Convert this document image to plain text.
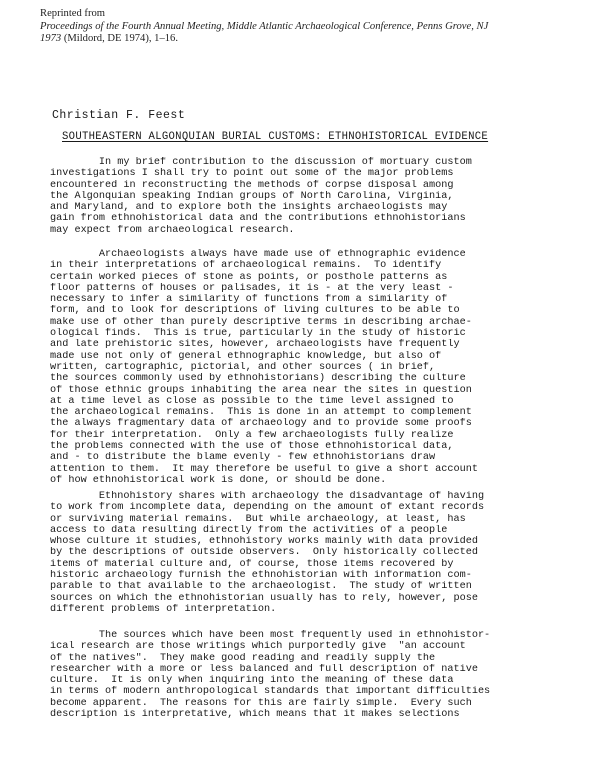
Reprinted from
Proceedings of the Fourth Annual Meeting, Middle Atlantic Archaeological Conference, Penns Grove, NJ
1973 (Mildord, DE 1974), 1–16.
Christian F. Feest
SOUTHEASTERN ALGONQUIAN BURIAL CUSTOMS: ETHNOHISTORICAL EVIDENCE
In my brief contribution to the discussion of mortuary custom
investigations I shall try to point out some of the major problems
encountered in reconstructing the methods of corpse disposal among
the Algonquian speaking Indian groups of North Carolina, Virginia,
and Maryland, and to explore both the insights archaeologists may
gain from ethnohistorical data and the contributions ethnohistorians
may expect from archaeological research.
Archaeologists always have made use of ethnographic evidence
in their interpretations of archaeological remains.  To identify
certain worked pieces of stone as points, or posthole patterns as
floor patterns of houses or palisades, it is - at the very least -
necessary to infer a similarity of functions from a similarity of
form, and to look for descriptions of living cultures to be able to
make use of other than purely descriptive terms in describing archae-
ological finds.  This is true, particularly in the study of historic
and late prehistoric sites, however, archaeologists have frequently
made use not only of general ethnographic knowledge, but also of
written, cartographic, pictorial, and other sources ( in brief,
the sources commonly used by ethnohistorians) describing the culture
of those ethnic groups inhabiting the area near the sites in question
at a time level as close as possible to the time level assigned to
the archaeological remains.  This is done in an attempt to complement
the always fragmentary data of archaeology and to provide some proofs
for their interpretation.  Only a few archaeologists fully realize
the problems connected with the use of those ethnohistorical data,
and - to distribute the blame evenly - few ethnohistorians draw
attention to them.  It may therefore be useful to give a short account
of how ethnohistorical work is done, or should be done.
Ethnohistory shares with archaeology the disadvantage of having
to work from incomplete data, depending on the amount of extant records
or surviving material remains.  But while archaeology, at least, has
access to data resulting directly from the activities of a people
whose culture it studies, ethnohistory works mainly with data provided
by the descriptions of outside observers.  Only historically collected
items of material culture and, of course, those items recovered by
historic archaeology furnish the ethnohistorian with information com-
parable to that available to the archaeologist.  The study of written
sources on which the ethnohistorian usually has to rely, however, pose
different problems of interpretation.
The sources which have been most frequently used in ethnohistor-
ical research are those writings which purportedly give  "an account
of the natives".  They make good reading and readily supply the
researcher with a more or less balanced and full description of native
culture.  It is only when inquiring into the meaning of these data
in terms of modern anthropological standards that important difficulties
become apparent.  The reasons for this are fairly simple.  Every such
description is interpretative, which means that it makes selections
